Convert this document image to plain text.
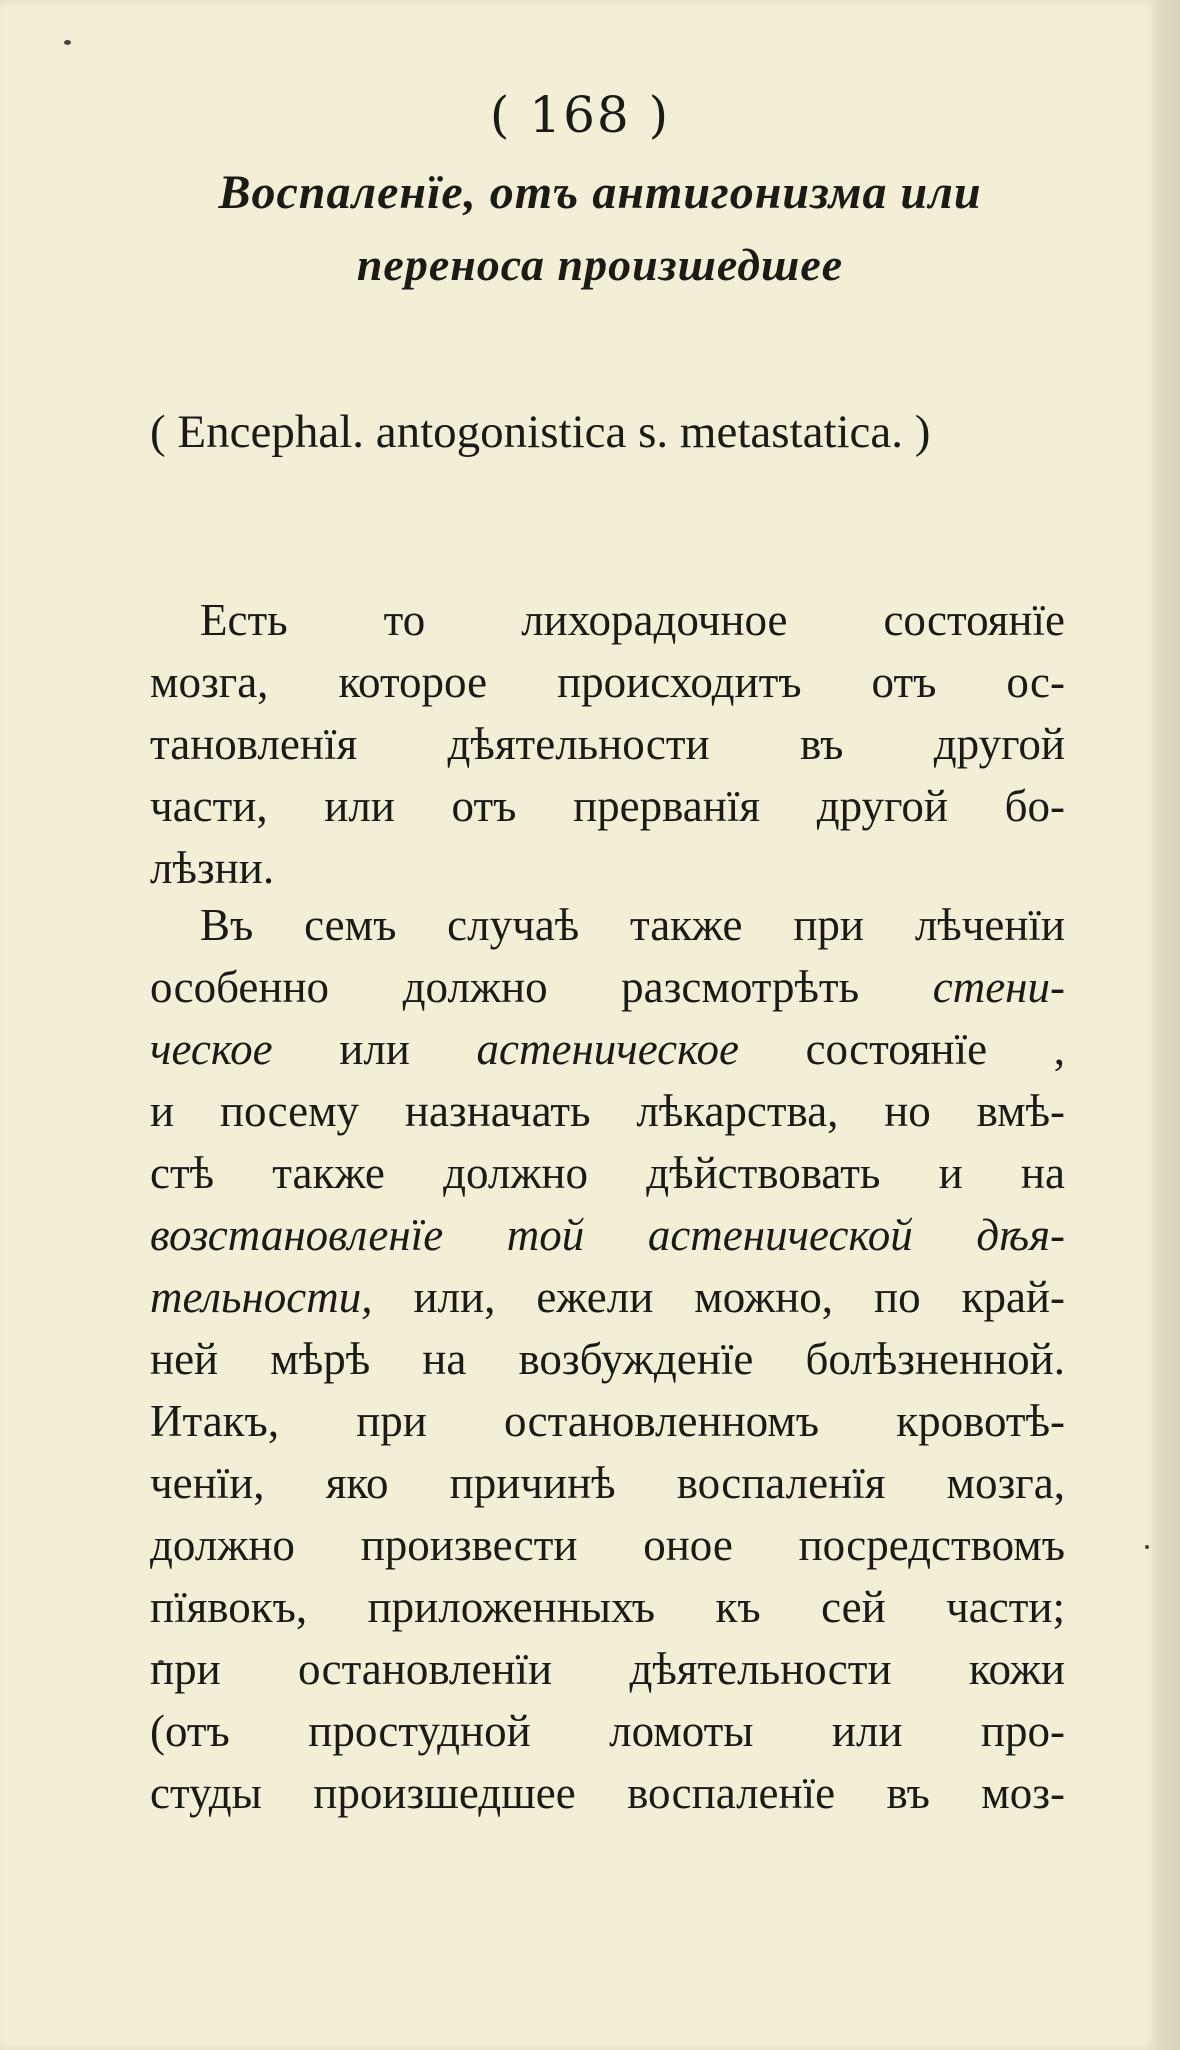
( 168 )
Воспаленїе, отъ антигонизма или
переноса произшедшее
( Encephal. antogonistica s. metastatica. )
Есть то лихорадочное состоянїе
мозга, которое происходитъ отъ ос-
тановленїя дѣятельности въ другой
части, или отъ прерванїя другой бо-
лѣзни.
Въ семъ случаѣ также при лѣченїи
особенно должно разсмотрѣть стени-
ческое или астеническое состоянїе ,
и посему назначать лѣкарства, но вмѣ-
стѣ также должно дѣйствовать и на
возстановленїе той астенической дѣя-
тельности, или, ежели можно, по край-
ней мѣрѣ на возбужденїе болѣзненной.
Итакъ, при остановленномъ кровотѣ-
ченїи, яко причинѣ воспаленїя мозга,
должно произвести оное посредствомъ
пїявокъ, приложенныхъ къ сей части;
при остановленїи дѣятельности кожи
(отъ простудной ломоты или про-
студы произшедшее воспаленїе въ моз-
